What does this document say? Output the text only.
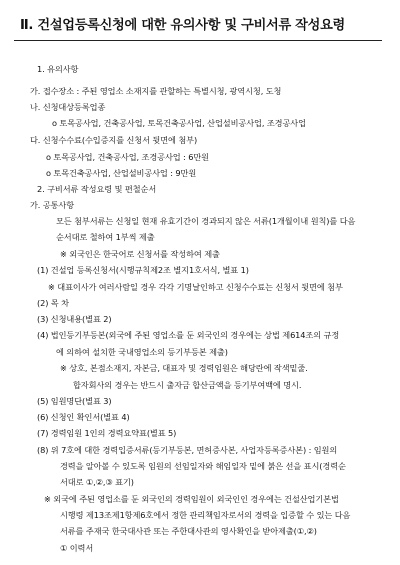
Ⅱ. 건설업등록신청에 대한 유의사항 및 구비서류 작성요령
1. 유의사항
가. 접수장소 : 주된 영업소 소재지를 관할하는 특별시청, 광역시청, 도청
나. 신청대상등록업종
o 토목공사업, 건축공사업, 토목건축공사업, 산업설비공사업, 조경공사업
다. 신청수수료(수입증지를 신청서 뒷면에 첨부)
o 토목공사업, 건축공사업, 조경공사업 : 6만원
o 토목건축공사업, 산업설비공사업 : 9만원
2. 구비서류 작성요령 및 편철순서
가. 공통사항
모든 첨부서류는 신청일 현재 유효기간이 경과되지 않은 서류(1개월이내 원칙)를 다음
순서대로 철하여 1부씩 제출
※ 외국인은 한국어로 신청서를 작성하여 제출
(1) 건설업 등록신청서(시행규칙제2조 별지1호서식, 별표 1)
※ 대표이사가 여러사람일 경우 각각 기명날인하고 신청수수료는 신청서 뒷면에 첨부
(2) 목 차
(3) 신청내용(별표 2)
(4) 법인등기부등본(외국에 주된 영업소를 둔 외국인의 경우에는 상법 제614조의 규정
에 의하여 설치한 국내영업소의 등기부등본 제출)
※ 상호, 본점소재지, 자본금, 대표자 및 경력임원은 해당란에 작색밑줄.
합자회사의 경우는 반드시 출자금 합산금액을 등기부여백에 명시.
(5) 임원명단(별표 3)
(6) 신청인 확인서(별표 4)
(7) 경력임원 1인의 경력요약표(별표 5)
(8) 위 7호에 대한 경력입증서류(등기부등본, 면허증사본, 사업자등록증사본) : 임원의
경력을 알아볼 수 있도록 임원의 선임일자와 해임일자 밑에 붉은 선을 표시(경력순
서대로 ①,②,③ 표기)
※ 외국에 주된 영업소를 둔 외국인의 경력임원이 외국인인 경우에는 건설산업기본법
시행령 제13조제1항제6호에서 정한 관리책임자로서의 경력을 입증할 수 있는 다음
서류를 주재국 한국대사관 또는 주한대사관의 영사확인을 받아제출(①,②)
① 이력서
